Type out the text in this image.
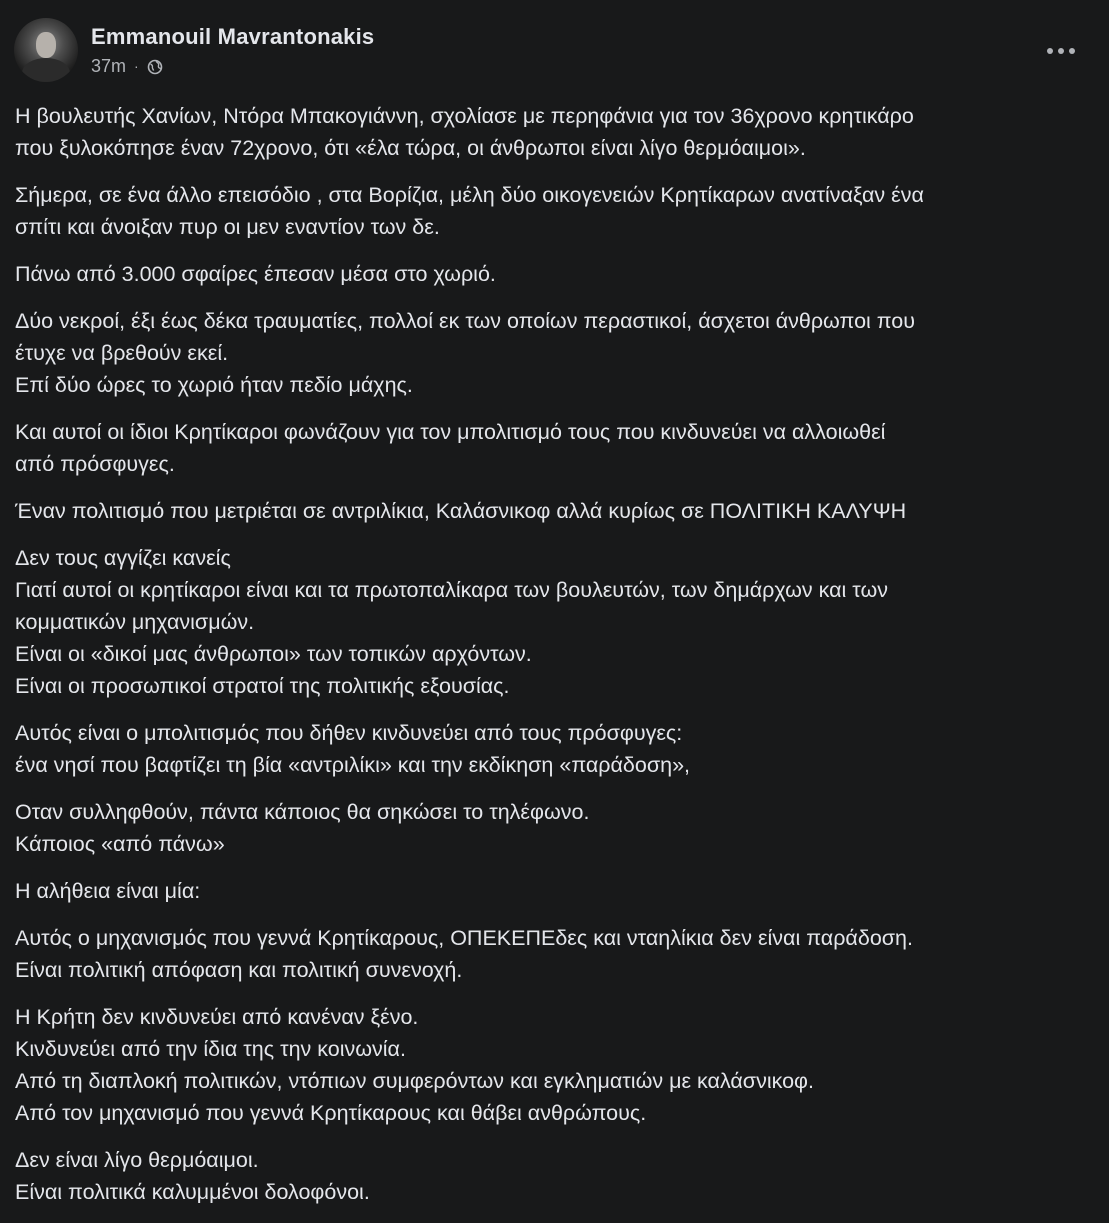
Emmanouil Mavrantonakis
37m ·
Η βουλευτής Χανίων, Ντόρα Μπακογιάννη, σχολίασε με περηφάνια για τον 36χρονο κρητικάρο
που ξυλοκόπησε έναν 72χρονο, ότι «έλα τώρα, οι άνθρωποι είναι λίγο θερμόαιμοι».
Σήμερα, σε ένα άλλο επεισόδιο , στα Βορίζια, μέλη δύο οικογενειών Κρητίκαρων ανατίναξαν ένα
σπίτι και άνοιξαν πυρ οι μεν εναντίον των δε.
Πάνω από 3.000 σφαίρες έπεσαν μέσα στο χωριό.
Δύο νεκροί, έξι έως δέκα τραυματίες, πολλοί εκ των οποίων περαστικοί, άσχετοι άνθρωποι που
έτυχε να βρεθούν εκεί.
Επί δύο ώρες το χωριό ήταν πεδίο μάχης.
Και αυτοί οι ίδιοι Κρητίκαροι φωνάζουν για τον μπολιτισμό τους που κινδυνεύει να αλλοιωθεί
από πρόσφυγες.
Έναν πολιτισμό που μετριέται σε αντριλίκια, Καλάσνικοφ αλλά κυρίως σε ΠΟΛΙΤΙΚΗ ΚΑΛΥΨΗ
Δεν τους αγγίζει κανείς
Γιατί αυτοί οι κρητίκαροι είναι και τα πρωτοπαλίκαρα των βουλευτών, των δημάρχων και των
κομματικών μηχανισμών.
Είναι οι «δικοί μας άνθρωποι» των τοπικών αρχόντων.
Είναι οι προσωπικοί στρατοί της πολιτικής εξουσίας.
Αυτός είναι ο μπολιτισμός που δήθεν κινδυνεύει από τους πρόσφυγες:
ένα νησί που βαφτίζει τη βία «αντριλίκι» και την εκδίκηση «παράδοση»,
Οταν συλληφθούν, πάντα κάποιος θα σηκώσει το τηλέφωνο.
Κάποιος «από πάνω»
Η αλήθεια είναι μία:
Αυτός ο μηχανισμός που γεννά Κρητίκαρους, ΟΠΕΚΕΠΕδες και νταηλίκια δεν είναι παράδοση.
Είναι πολιτική απόφαση και πολιτική συνενοχή.
Η Κρήτη δεν κινδυνεύει από κανέναν ξένο.
Κινδυνεύει από την ίδια της την κοινωνία.
Από τη διαπλοκή πολιτικών, ντόπιων συμφερόντων και εγκληματιών με καλάσνικοφ.
Από τον μηχανισμό που γεννά Κρητίκαρους και θάβει ανθρώπους.
Δεν είναι λίγο θερμόαιμοι.
Είναι πολιτικά καλυμμένοι δολοφόνοι.
